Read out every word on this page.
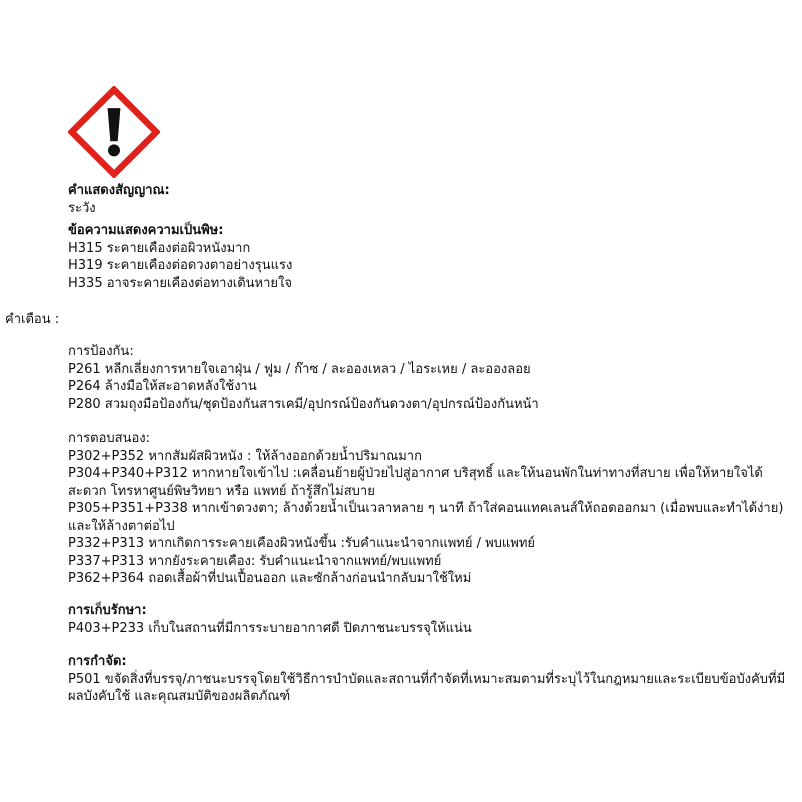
คำแสดงสัญญาณ:
ระวัง
ข้อความแสดงความเป็นพิษ:
H315 ระคายเคืองต่อผิวหนังมาก
H319 ระคายเคืองต่อดวงตาอย่างรุนแรง
H335 อาจระคายเคืองต่อทางเดินหายใจ
คำเตือน :
การป้องกัน:
P261 หลีกเลี่ยงการหายใจเอาฝุ่น / ฟูม / ก๊าซ / ละอองเหลว / ไอระเหย / ละอองลอย
P264 ล้างมือให้สะอาดหลังใช้งาน
P280 สวมถุงมือป้องกัน/ชุดป้องกันสารเคมี/อุปกรณ์ป้องกันดวงตา/อุปกรณ์ป้องกันหน้า
การตอบสนอง:
P302+P352 หากสัมผัสผิวหนัง : ให้ล้างออกด้วยน้ำปริมาณมาก
P304+P340+P312 หากหายใจเข้าไป :เคลื่อนย้ายผู้ป่วยไปสู่อากาศ บริสุทธิ์ และให้นอนพักในท่าทางที่สบาย เพื่อให้หายใจได้สะดวก โทรหาศูนย์พิษวิทยา หรือ แพทย์ ถ้ารู้สึกไม่สบาย
P305+P351+P338 หากเข้าดวงตา; ล้างด้วยน้ำเป็นเวลาหลาย ๆ นาที ถ้าใส่คอนแทคเลนส์ให้ถอดออกมา (เมื่อพบและทำได้ง่าย) และให้ล้างตาต่อไป
P332+P313 หากเกิดการระคายเคืองผิวหนังขึ้น :รับคำแนะนำจากแพทย์ / พบแพทย์
P337+P313 หากยังระคายเคือง: รับคำแนะนำจากแพทย์/พบแพทย์
P362+P364 ถอดเสื้อผ้าที่ปนเปื้อนออก และซักล้างก่อนนำกลับมาใช้ใหม่
การเก็บรักษา:
P403+P233 เก็บในสถานที่มีการระบายอากาศดี ปิดภาชนะบรรจุให้แน่น
การกำจัด:
P501 ขจัดสิ่งที่บรรจุ/ภาชนะบรรจุโดยใช้วิธีการบำบัดและสถานที่กำจัดที่เหมาะสมตามที่ระบุไว้ในกฎหมายและระเบียบข้อบังคับที่มีผลบังคับใช้ และคุณสมบัติของผลิตภัณฑ์
